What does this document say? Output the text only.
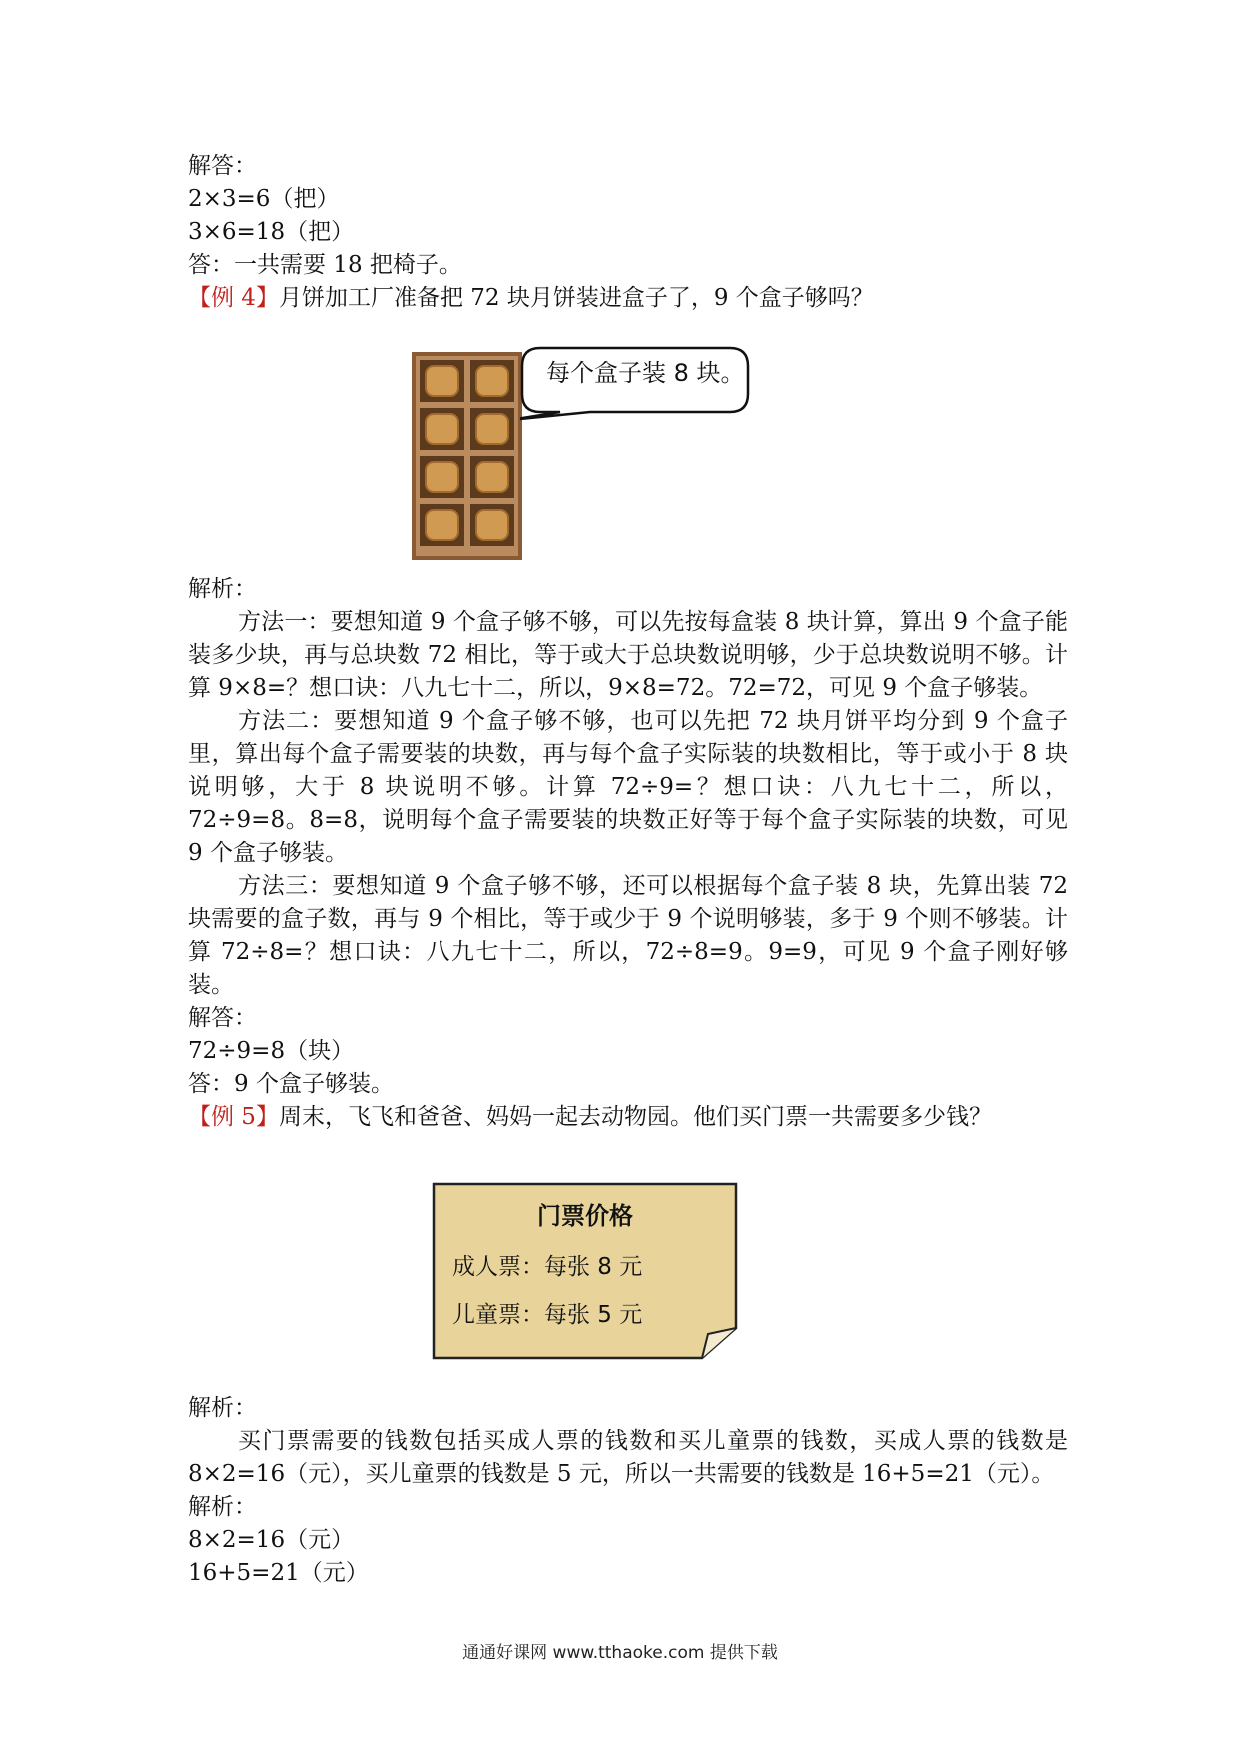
解答：
2×3=6（把）
3×6=18（把）
答：一共需要 18 把椅子。
【例 4】月饼加工厂准备把 72 块月饼装进盒子了，9 个盒子够吗？
每个盒子装 8 块。
解析：
方法一：要想知道 9 个盒子够不够，可以先按每盒装 8 块计算，算出 9 个盒子能装多少块，再与总块数 72 相比，等于或大于总块数说明够，少于总块数说明不够。计算 9×8=？想口诀：八九七十二，所以，9×8=72。72=72，可见 9 个盒子够装。
方法二：要想知道 9 个盒子够不够，也可以先把 72 块月饼平均分到 9 个盒子里，算出每个盒子需要装的块数，再与每个盒子实际装的块数相比，等于或小于 8 块说明够，大于 8 块说明不够。计算 72÷9=？想口诀：八九七十二，所以，72÷9=8。8=8，说明每个盒子需要装的块数正好等于每个盒子实际装的块数，可见 9 个盒子够装。
方法三：要想知道 9 个盒子够不够，还可以根据每个盒子装 8 块，先算出装 72 块需要的盒子数，再与 9 个相比，等于或少于 9 个说明够装，多于 9 个则不够装。计算 72÷8=？想口诀：八九七十二，所以，72÷8=9。9=9，可见 9 个盒子刚好够装。
解答：
72÷9=8（块）
答：9 个盒子够装。
【例 5】周末，飞飞和爸爸、妈妈一起去动物园。他们买门票一共需要多少钱？
门票价格
成人票：每张 8 元
儿童票：每张 5 元
解析：
买门票需要的钱数包括买成人票的钱数和买儿童票的钱数，买成人票的钱数是 8×2=16（元），买儿童票的钱数是 5 元，所以一共需要的钱数是 16+5=21（元）。
解析：
8×2=16（元）
16+5=21（元）
通通好课网 www.tthaoke.com 提供下载
